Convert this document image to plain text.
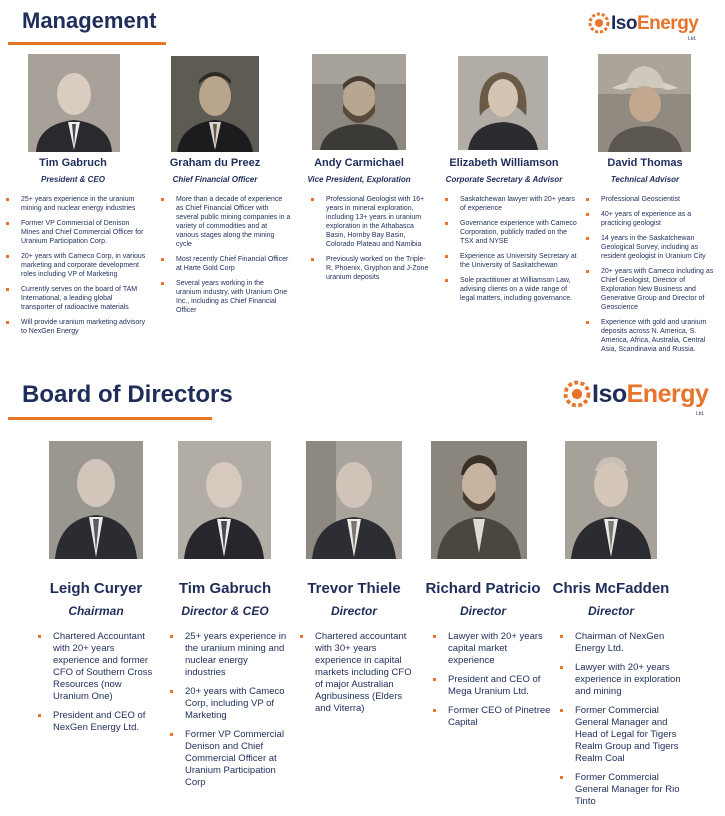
Management	IsoEnergy
Ltd.
Tim Gabruch
President & CEO
25+ years experience in the uranium mining and nuclear energy industries
Former VP Commercial of Denison Mines and Chief Commercial Officer for Uranium Participation Corp.
20+ years with Cameco Corp, in various marketing and corporate development roles including VP of Marketing
Currently serves on the board of TAM International, a leading global transporter of radioactive materials
Will provide uranium marketing advisory to NexGen Energy
Graham du Preez
Chief Financial Officer
More than a decade of experience as Chief Financial Officer with several public mining companies in a variety of commodities and at various stages along the mining cycle
Most recently Chief Financial Officer at Harte Gold Corp
Several years working in the uranium industry, with Uranium One Inc., including as Chief Financial Officer
Andy Carmichael
Vice President, Exploration
Professional Geologist with 16+ years in mineral exploration, including 13+ years in uranium exploration in the Athabasca Basin, Hornby Bay Basin, Colorado Plateau and Namibia
Previously worked on the Triple-R, Phoenix, Gryphon and J-Zone uranium deposits
Elizabeth Williamson
Corporate Secretary & Advisor
Saskatchewan lawyer with 20+ years of experience
Governance experience with Cameco Corporation, publicly traded on the TSX and NYSE
Experience as University Secretary at the University of Saskatchewan
Sole practitioner at Williamson Law, advising clients on a wide range of legal matters, including governance.
David Thomas
Technical Advisor
Professional Geoscientist
40+ years of experience as a practicing geologist
14 years in the Saskatchewan Geological Survey, including as resident geologist in Uranium City
20+ years with Cameco including as Chief Geologist, Director of Exploration New Business and Generative Group and Director of Geoscience
Experience with gold and uranium deposits across N. America, S. America, Africa, Australia, Central Asia, Scandinavia and Russia.
Board of Directors	IsoEnergy
Ltd.
Leigh Curyer
Chairman
Chartered Accountant with 20+ years experience and former CFO of Southern Cross Resources (now Uranium One)
President and CEO of NexGen Energy Ltd.
Tim Gabruch
Director & CEO
25+ years experience in the uranium mining and nuclear energy industries
20+ years with Cameco Corp, including VP of Marketing
Former VP Commercial Denison and Chief Commercial Officer at Uranium Participation Corp
Trevor Thiele
Director
Chartered accountant with 30+ years experience in capital markets including CFO of major Australian Agribusiness (Elders and Viterra)
Richard Patricio
Director
Lawyer with 20+ years capital market experience
President and CEO of Mega Uranium Ltd.
Former CEO of Pinetree Capital
Chris McFadden
Director
Chairman of NexGen Energy Ltd.
Lawyer with 20+ years experience in exploration and mining
Former Commercial General Manager and Head of Legal for Tigers Realm Group and Tigers Realm Coal
Former Commercial General Manager for Rio Tinto
